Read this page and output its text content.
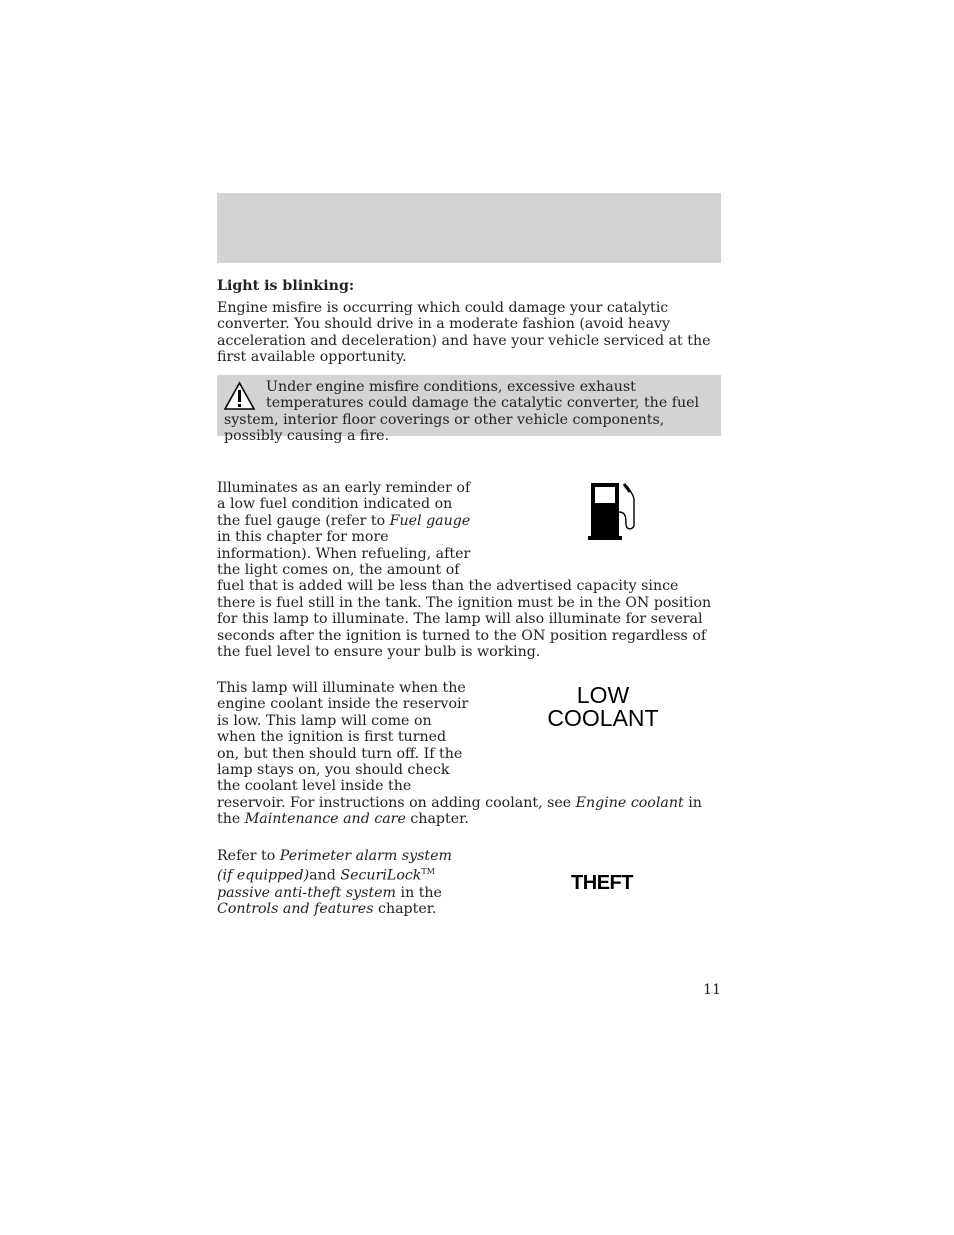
Light is blinking:
Engine misfire is occurring which could damage your catalytic converter. You should drive in a moderate fashion (avoid heavy acceleration and deceleration) and have your vehicle serviced at the first available opportunity.
Under engine misfire conditions, excessive exhaust temperatures could damage the catalytic converter, the fuel system, interior floor coverings or other vehicle components, possibly causing a fire.
Illuminates as an early reminder of a low fuel condition indicated on the fuel gauge (refer to Fuel gauge in this chapter for more information). When refueling, after the light comes on, the amount of fuel that is added will be less than the advertised capacity since there is fuel still in the tank. The ignition must be in the ON position for this lamp to illuminate. The lamp will also illuminate for several seconds after the ignition is turned to the ON position regardless of the fuel level to ensure your bulb is working.
This lamp will illuminate when the engine coolant inside the reservoir is low. This lamp will come on when the ignition is first turned on, but then should turn off. If the lamp stays on, you should check the coolant level inside the reservoir. For instructions on adding coolant, see Engine coolant in the Maintenance and care chapter.
LOW
COOLANT
Refer to Perimeter alarm system (if equipped)and SecuriLock™ passive anti-theft system in the Controls and features chapter.
THEFT
11
